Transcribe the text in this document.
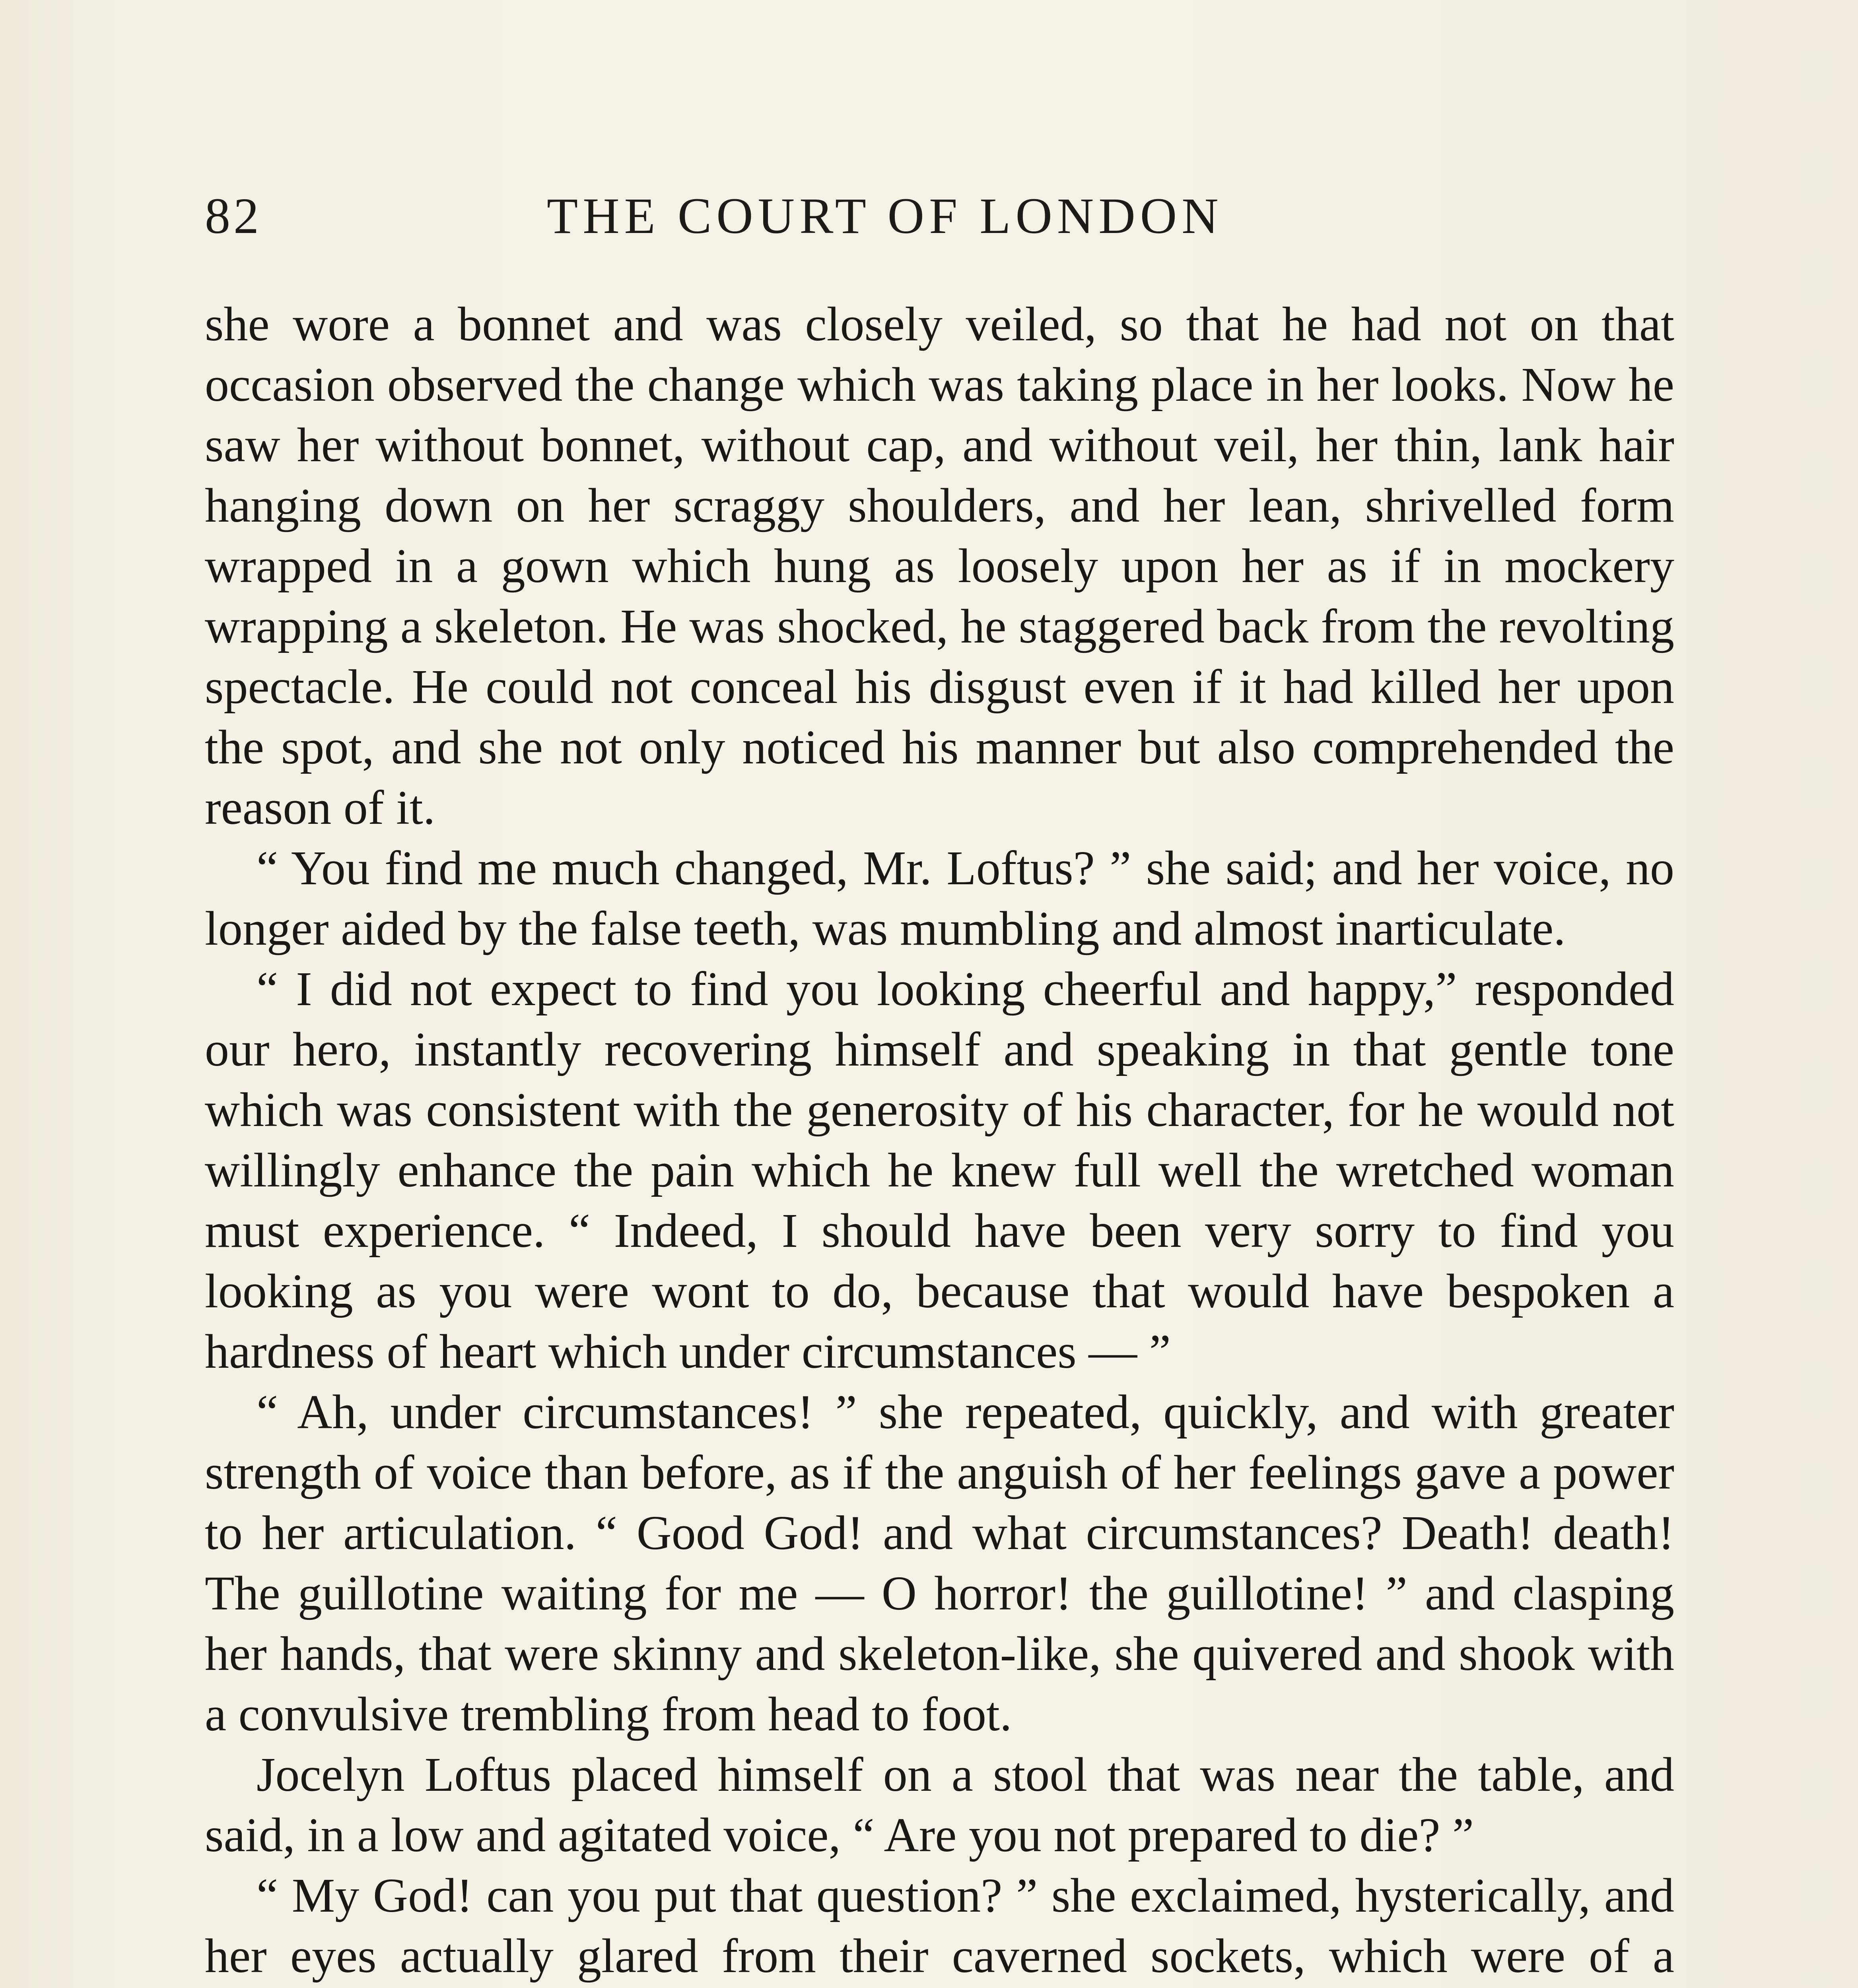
82	THE COURT OF LONDON

she wore a bonnet and was closely veiled, so that he had not on that occasion observed the change which was taking place in her looks. Now he saw her without bonnet, without cap, and without veil, her thin, lank hair hanging down on her scraggy shoulders, and her lean, shrivelled form wrapped in a gown which hung as loosely upon her as if in mockery wrapping a skeleton. He was shocked, he staggered back from the revolting spectacle. He could not conceal his disgust even if it had killed her upon the spot, and she not only noticed his manner but also comprehended the reason of it.

“ You find me much changed, Mr. Loftus? ” she said; and her voice, no longer aided by the false teeth, was mumbling and almost inarticulate.

“ I did not expect to find you looking cheerful and happy,” responded our hero, instantly recovering himself and speaking in that gentle tone which was consistent with the generosity of his character, for he would not willingly enhance the pain which he knew full well the wretched woman must experience. “ Indeed, I should have been very sorry to find you looking as you were wont to do, because that would have bespoken a hardness of heart which under circumstances — ”

“ Ah, under circumstances! ” she repeated, quickly, and with greater strength of voice than before, as if the anguish of her feelings gave a power to her articulation. “ Good God! and what circumstances? Death! death! The guillotine waiting for me — O horror! the guillotine! ” and clasping her hands, that were skinny and skeleton-like, she quivered and shook with a convulsive trembling from head to foot.

Jocelyn Loftus placed himself on a stool that was near the table, and said, in a low and agitated voice, “ Are you not prepared to die? ”

“ My God! can you put that question? ” she exclaimed, hysterically, and her eyes actually glared from their caverned sockets, which were of a
